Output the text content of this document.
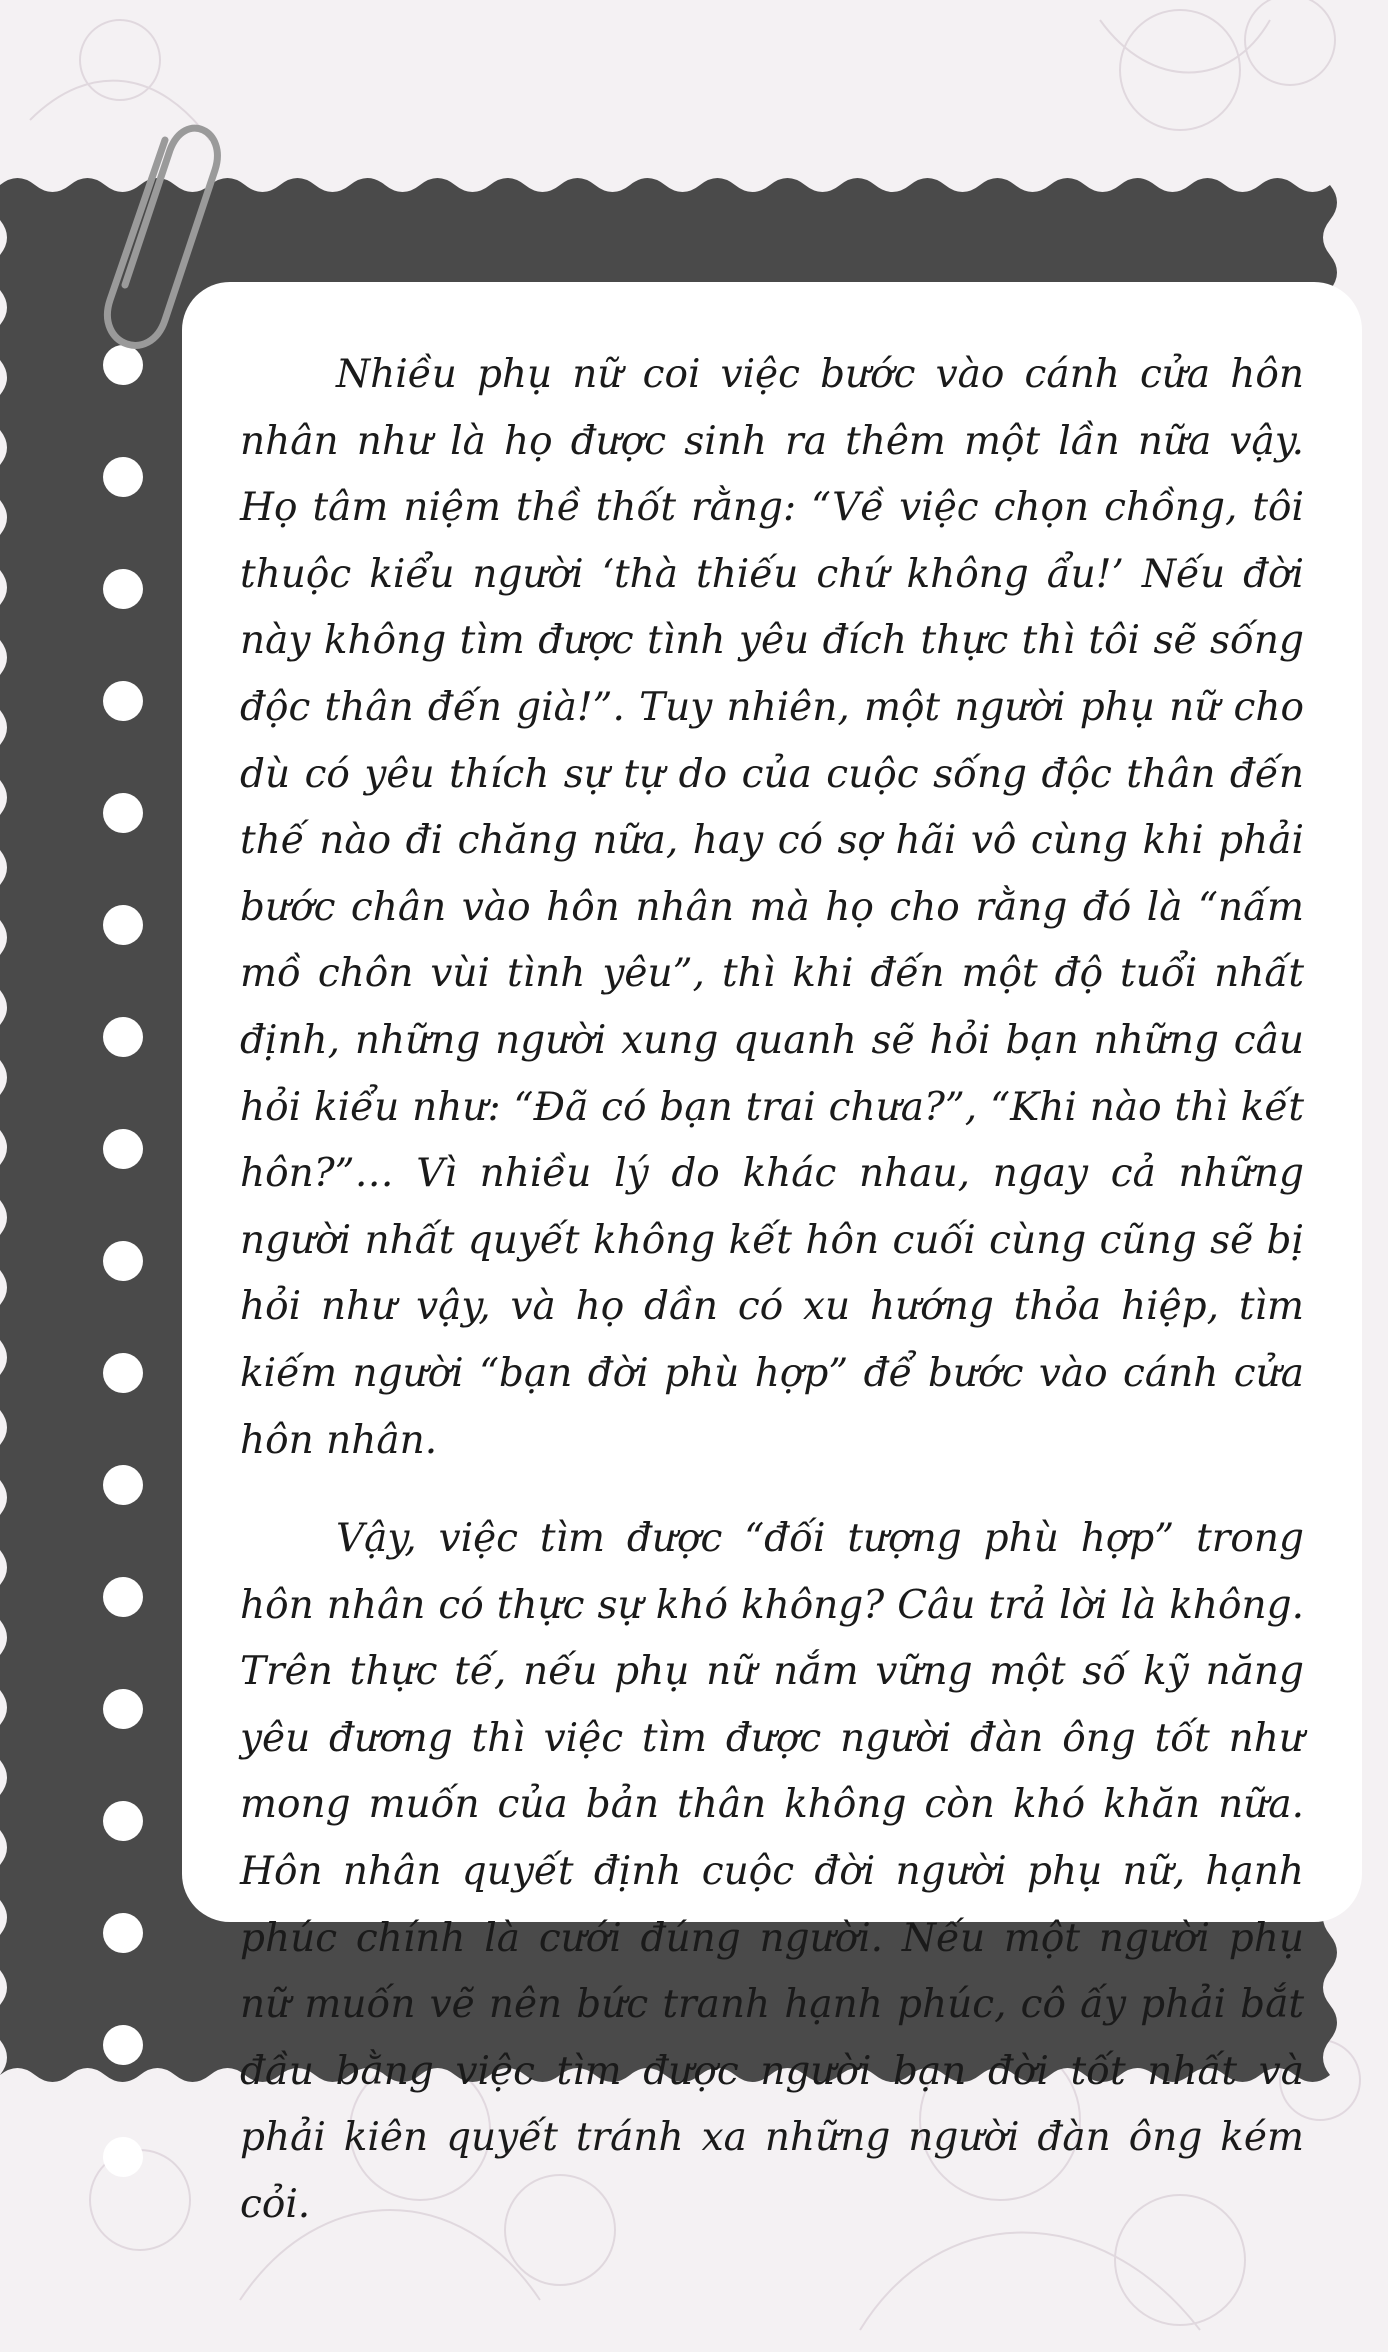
Nhiều phụ nữ coi việc bước vào cánh cửa hôn nhân như là họ được sinh ra thêm một lần nữa vậy. Họ tâm niệm thề thốt rằng: “Về việc chọn chồng, tôi thuộc kiểu người ‘thà thiếu chứ không ẩu!’ Nếu đời này không tìm được tình yêu đích thực thì tôi sẽ sống độc thân đến già!”. Tuy nhiên, một người phụ nữ cho dù có yêu thích sự tự do của cuộc sống độc thân đến thế nào đi chăng nữa, hay có sợ hãi vô cùng khi phải bước chân vào hôn nhân mà họ cho rằng đó là “nấm mồ chôn vùi tình yêu”, thì khi đến một độ tuổi nhất định, những người xung quanh sẽ hỏi bạn những câu hỏi kiểu như: “Đã có bạn trai chưa?”, “Khi nào thì kết hôn?”… Vì nhiều lý do khác nhau, ngay cả những người nhất quyết không kết hôn cuối cùng cũng sẽ bị hỏi như vậy, và họ dần có xu hướng thỏa hiệp, tìm kiếm người “bạn đời phù hợp” để bước vào cánh cửa hôn nhân.

Vậy, việc tìm được “đối tượng phù hợp” trong hôn nhân có thực sự khó không? Câu trả lời là không. Trên thực tế, nếu phụ nữ nắm vững một số kỹ năng yêu đương thì việc tìm được người đàn ông tốt như mong muốn của bản thân không còn khó khăn nữa. Hôn nhân quyết định cuộc đời người phụ nữ, hạnh phúc chính là cưới đúng người. Nếu một người phụ nữ muốn vẽ nên bức tranh hạnh phúc, cô ấy phải bắt đầu bằng việc tìm được người bạn đời tốt nhất và phải kiên quyết tránh xa những người đàn ông kém cỏi.
